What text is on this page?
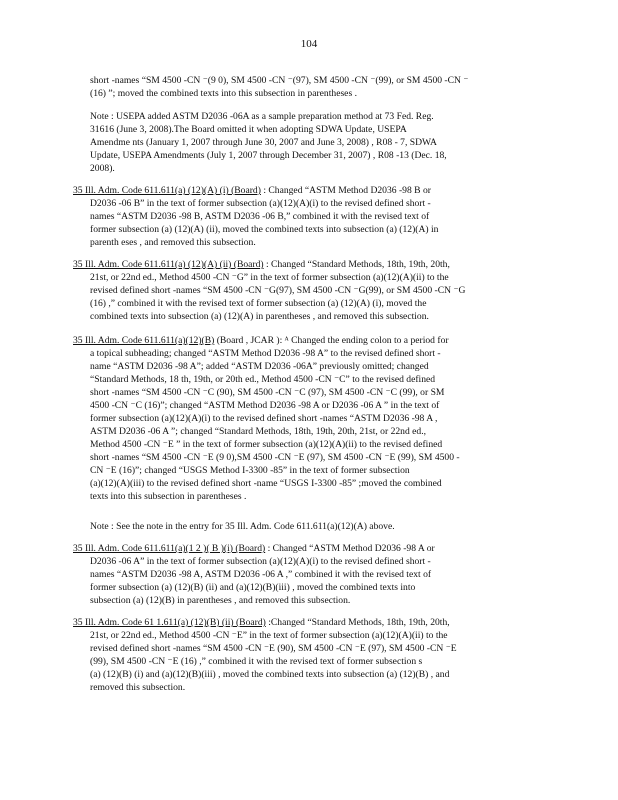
104
short -names “SM 4500 -CN ⁻(9 0), SM 4500 -CN ⁻(97), SM 4500 -CN ⁻(99), or SM 4500 -CN ⁻
(16) ”; moved the combined texts into this subsection in parentheses .
Note : USEPA added ASTM D2036 -06A as a sample preparation method at 73 Fed. Reg.
31616 (June 3, 2008).The Board omitted it when adopting SDWA Update, USEPA
Amendme nts (January 1, 2007 through June 30, 2007 and June 3, 2008) , R08 - 7, SDWA
Update, USEPA Amendments (July 1, 2007 through December 31, 2007) , R08 -13 (Dec. 18,
2008).
35 Ill. Adm. Code 611.611(a) (12)(A) (i) (Board) : Changed “ASTM Method D2036 -98 B or
D2036 -06 B” in the text of former subsection (a)(12)(A)(i) to the revised defined short -
names “ASTM D2036 -98 B, ASTM D2036 -06 B,” combined it with the revised text of
former subsection (a) (12)(A) (ii), moved the combined texts into subsection (a) (12)(A) in
parenth eses , and removed this subsection.
35 Ill. Adm. Code 611.611(a) (12)(A) (ii) (Board) : Changed “Standard Methods, 18th, 19th, 20th,
21st, or 22nd ed., Method 4500 -CN ⁻G” in the text of former subsection (a)(12)(A)(ii) to the
revised defined short -names “SM 4500 -CN ⁻G(97), SM 4500 -CN ⁻G(99), or SM 4500 -CN ⁻G
(16) ,” combined it with the revised text of former subsection (a) (12)(A) (i), moved the
combined texts into subsection (a) (12)(A) in parentheses , and removed this subsection.
35 Ill. Adm. Code 611.611(a)(12)(B) (Board , JCAR ): ᴬ Changed the ending colon to a period for
a topical subheading; changed “ASTM Method D2036 -98 A” to the revised defined short -
name “ASTM D2036 -98 A”; added “ASTM D2036 -06A” previously omitted; changed
“Standard Methods, 18 th, 19th, or 20th ed., Method 4500 -CN ⁻C” to the revised defined
short -names “SM 4500 -CN ⁻C (90), SM 4500 -CN ⁻C (97), SM 4500 -CN ⁻C (99), or SM
4500 -CN ⁻C (16)”; changed “ASTM Method D2036 -98 A or D2036 -06 A ” in the text of
former subsection (a)(12)(A)(i) to the revised defined short -names “ASTM D2036 -98 A ,
ASTM D2036 -06 A ”; changed “Standard Methods, 18th, 19th, 20th, 21st, or 22nd ed.,
Method 4500 -CN ⁻E ” in the text of former subsection (a)(12)(A)(ii) to the revised defined
short -names “SM 4500 -CN ⁻E (9 0),SM 4500 -CN ⁻E (97), SM 4500 -CN ⁻E (99), SM 4500 -
CN ⁻E (16)”; changed “USGS Method I-3300 -85” in the text of former subsection
(a)(12)(A)(iii) to the revised defined short -name “USGS I-3300 -85” ;moved the combined
texts into this subsection in parentheses .
Note : See the note in the entry for 35 Ill. Adm. Code 611.611(a)(12)(A) above.
35 Ill. Adm. Code 611.611(a)(1 2 )( B )(i) (Board) : Changed “ASTM Method D2036 -98 A or
D2036 -06 A” in the text of former subsection (a)(12)(A)(i) to the revised defined short -
names “ASTM D2036 -98 A, ASTM D2036 -06 A ,” combined it with the revised text of
former subsection (a) (12)(B) (ii) and (a)(12)(B)(iii) , moved the combined texts into
subsection (a) (12)(B) in parentheses , and removed this subsection.
35 Ill. Adm. Code 61 1.611(a) (12)(B) (ii) (Board) :Changed “Standard Methods, 18th, 19th, 20th,
21st, or 22nd ed., Method 4500 -CN ⁻E” in the text of former subsection (a)(12)(A)(ii) to the
revised defined short -names “SM 4500 -CN ⁻E (90), SM 4500 -CN ⁻E (97), SM 4500 -CN ⁻E
(99), SM 4500 -CN ⁻E (16) ,” combined it with the revised text of former subsection s
(a) (12)(B) (i) and (a)(12)(B)(iii) , moved the combined texts into subsection (a) (12)(B) , and
removed this subsection.
